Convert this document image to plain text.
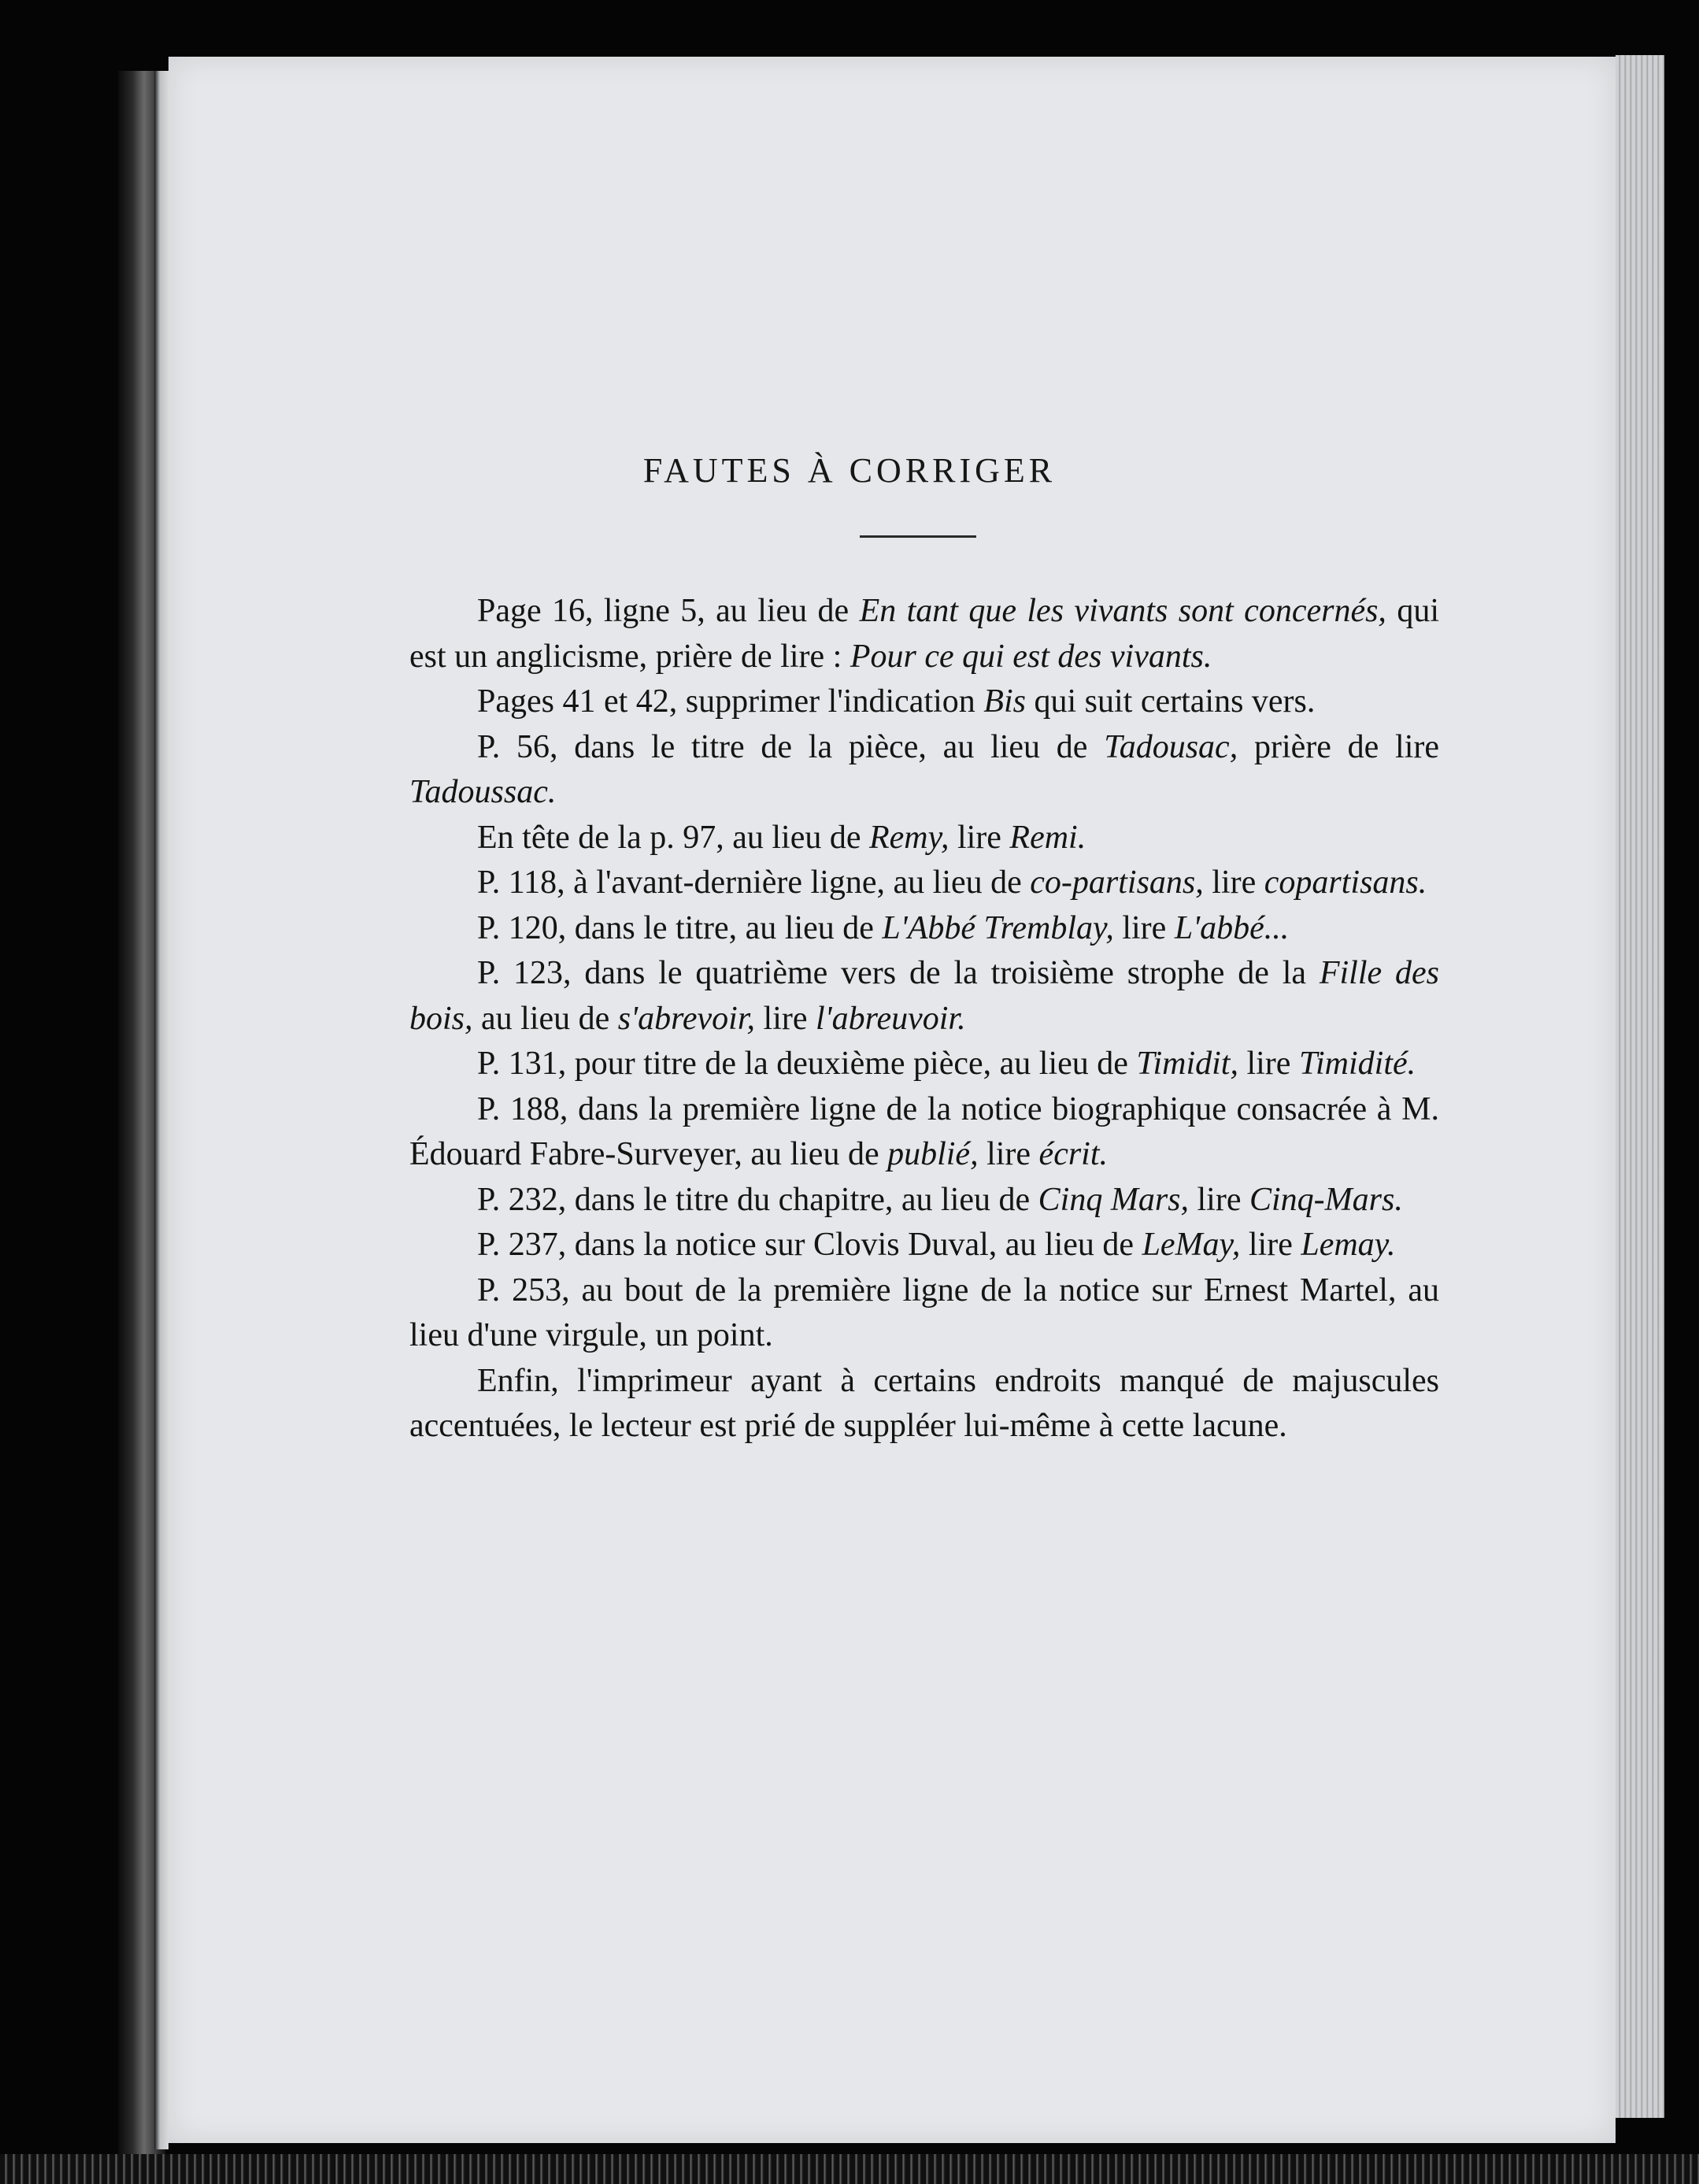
FAUTES À CORRIGER

Page 16, ligne 5, au lieu de En tant que les vivants sont concernés, qui est un anglicisme, prière de lire : Pour ce qui est des vivants.

Pages 41 et 42, supprimer l'indication Bis qui suit certains vers.

P. 56, dans le titre de la pièce, au lieu de Tadousac, prière de lire Tadoussac.

En tête de la p. 97, au lieu de Remy, lire Remi.

P. 118, à l'avant-dernière ligne, au lieu de co-partisans, lire copartisans.

P. 120, dans le titre, au lieu de L'Abbé Tremblay, lire L'abbé...

P. 123, dans le quatrième vers de la troisième strophe de la Fille des bois, au lieu de s'abrevoir, lire l'abreuvoir.

P. 131, pour titre de la deuxième pièce, au lieu de Timidit, lire Timidité.

P. 188, dans la première ligne de la notice biographique consacrée à M. Édouard Fabre-Surveyer, au lieu de publié, lire écrit.

P. 232, dans le titre du chapitre, au lieu de Cinq Mars, lire Cinq-Mars.

P. 237, dans la notice sur Clovis Duval, au lieu de LeMay, lire Lemay.

P. 253, au bout de la première ligne de la notice sur Ernest Martel, au lieu d'une virgule, un point.

Enfin, l'imprimeur ayant à certains endroits manqué de majuscules accentuées, le lecteur est prié de suppléer lui-même à cette lacune.
